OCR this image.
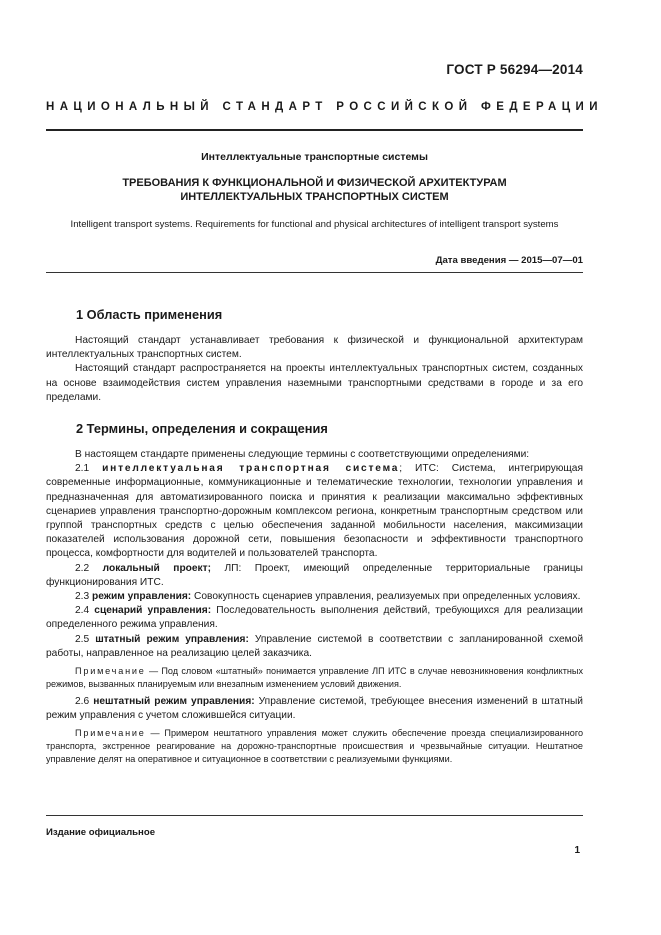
ГОСТ Р 56294—2014
НАЦИОНАЛЬНЫЙ СТАНДАРТ РОССИЙСКОЙ ФЕДЕРАЦИИ
Интеллектуальные транспортные системы
ТРЕБОВАНИЯ К ФУНКЦИОНАЛЬНОЙ И ФИЗИЧЕСКОЙ АРХИТЕКТУРАМ
ИНТЕЛЛЕКТУАЛЬНЫХ ТРАНСПОРТНЫХ СИСТЕМ
Intelligent transport systems. Requirements for functional and physical architectures of intelligent transport systems
Дата введения — 2015—07—01
1 Область применения

Настоящий стандарт устанавливает требования к физической и функциональной архитектурам интеллектуальных транспортных систем.

Настоящий стандарт распространяется на проекты интеллектуальных транспортных систем, созданных на основе взаимодействия систем управления наземными транспортными средствами в городе и за его пределами.

2 Термины, определения и сокращения

В настоящем стандарте применены следующие термины с соответствующими определениями:

2.1 интеллектуальная транспортная система; ИТС: Система, интегрирующая современные информационные, коммуникационные и телематические технологии, технологии управления и предназначенная для автоматизированного поиска и принятия к реализации максимально эффективных сценариев управления транспортно-дорожным комплексом региона, конкретным транспортным средством или группой транспортных средств с целью обеспечения заданной мобильности населения, максимизации показателей использования дорожной сети, повышения безопасности и эффективности транспортного процесса, комфортности для водителей и пользователей транспорта.

2.2 локальный проект; ЛП: Проект, имеющий определенные территориальные границы функционирования ИТС.

2.3 режим управления: Совокупность сценариев управления, реализуемых при определенных условиях.

2.4 сценарий управления: Последовательность выполнения действий, требующихся для реализации определенного режима управления.

2.5 штатный режим управления: Управление системой в соответствии с запланированной схемой работы, направленное на реализацию целей заказчика.

Примечание — Под словом «штатный» понимается управление ЛП ИТС в случае невозникновения конфликтных режимов, вызванных планируемым или внезапным изменением условий движения.

2.6 нештатный режим управления: Управление системой, требующее внесения изменений в штатный режим управления с учетом сложившейся ситуации.

Примечание — Примером нештатного управления может служить обеспечение проезда специализированного транспорта, экстренное реагирование на дорожно-транспортные происшествия и чрезвычайные ситуации. Нештатное управление делят на оперативное и ситуационное в соответствии с реализуемыми функциями.

Издание официальное
1
